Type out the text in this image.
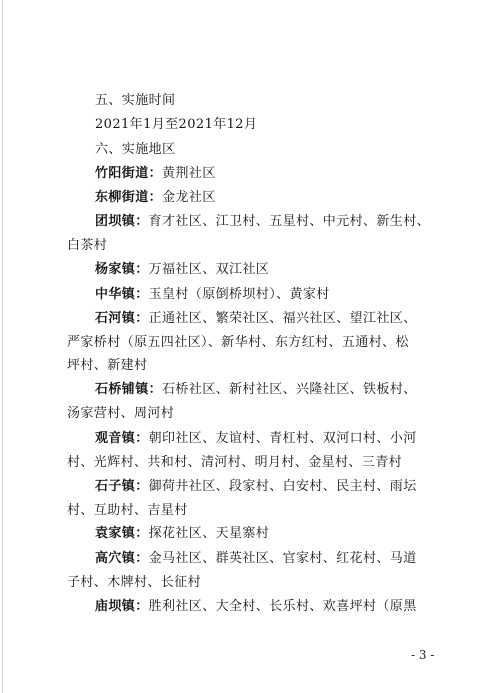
五、实施时间
2021年1月至2021年12月
六、实施地区
竹阳街道：黄荆社区
东柳街道：金龙社区
团坝镇：育才社区、江卫村、五星村、中元村、新生村、
白茶村
杨家镇：万福社区、双江社区
中华镇：玉皇村（原倒桥坝村）、黄家村
石河镇：正通社区、繁荣社区、福兴社区、望江社区、
严家桥村（原五四社区）、新华村、东方红村、五通村、松
坪村、新建村
石桥铺镇：石桥社区、新村社区、兴隆社区、铁板村、
汤家营村、周河村
观音镇：朝印社区、友谊村、青杠村、双河口村、小河
村、光辉村、共和村、清河村、明月村、金星村、三青村
石子镇：御荷井社区、段家村、白安村、民主村、雨坛
村、互助村、吉星村
袁家镇：探花社区、天星寨村
高穴镇：金马社区、群英社区、官家村、红花村、马道
子村、木牌村、长征村
庙坝镇：胜利社区、大全村、长乐村、欢喜坪村（原黑
- 3 -
